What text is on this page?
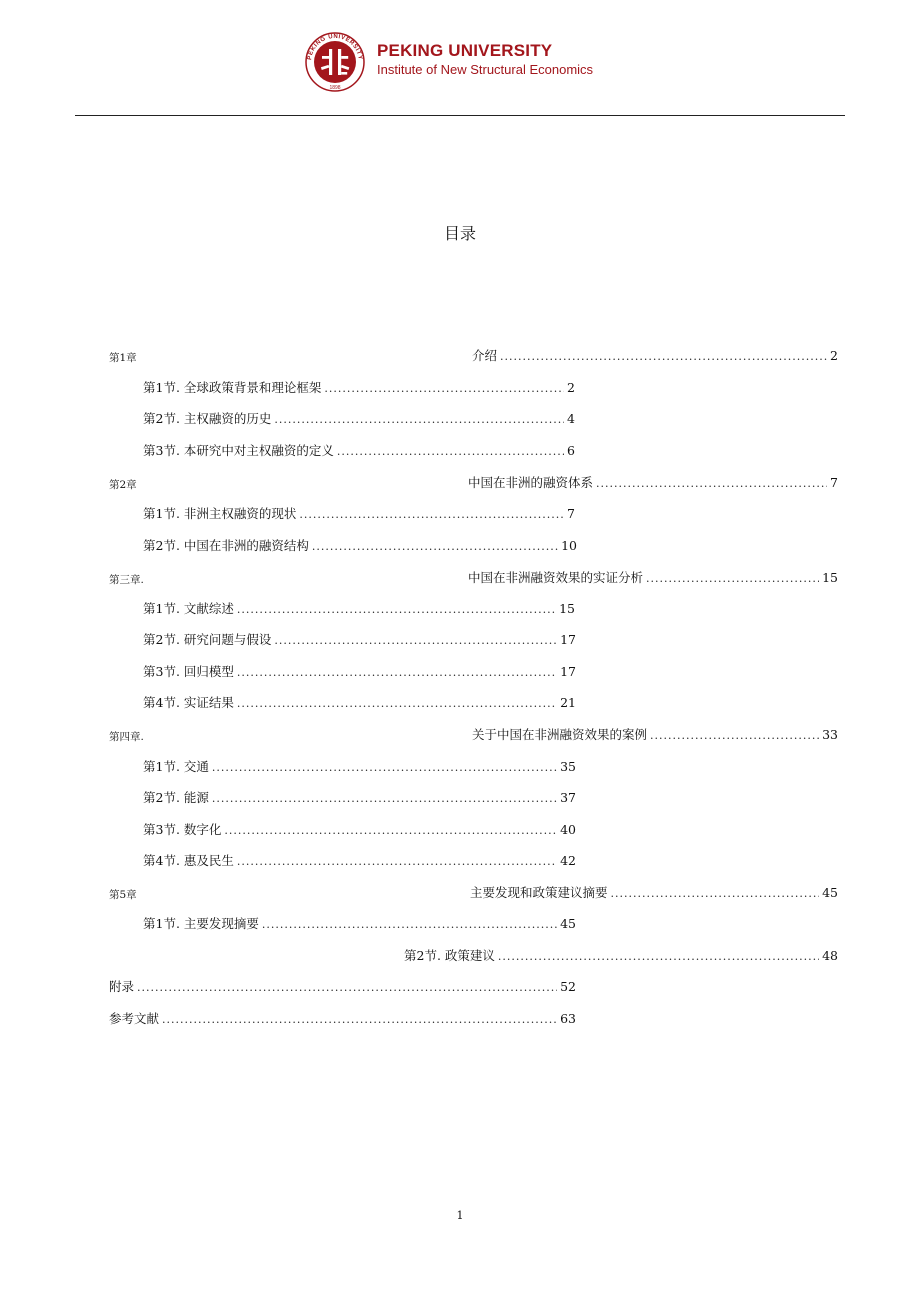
PEKING UNIVERSITY
1898
PEKING UNIVERSITY
Institute of New Structural Economics
目录
第1章	介绍 .....	2
第1节. 全球政策背景和理论框架 .....	2
第2节. 主权融资的历史 .....	4
第3节. 本研究中对主权融资的定义 .....	6
第2章	中国在非洲的融资体系 .....	7
第1节. 非洲主权融资的现状 .....	7
第2节. 中国在非洲的融资结构 .....	10
第三章.	中国在非洲融资效果的实证分析 .....	15
第1节. 文献综述 .....	15
第2节. 研究问题与假设 .....	17
第3节. 回归模型 .....	17
第4节. 实证结果 .....	21
第四章.	关于中国在非洲融资效果的案例 .....	33
第1节. 交通 .....	35
第2节. 能源 .....	37
第3节. 数字化 .....	40
第4节. 惠及民生 .....	42
第5章	主要发现和政策建议摘要 .....	45
第1节. 主要发现摘要 .....	45
第2节. 政策建议 .....	48
附录 .....	52
参考文献 .....	63
1
